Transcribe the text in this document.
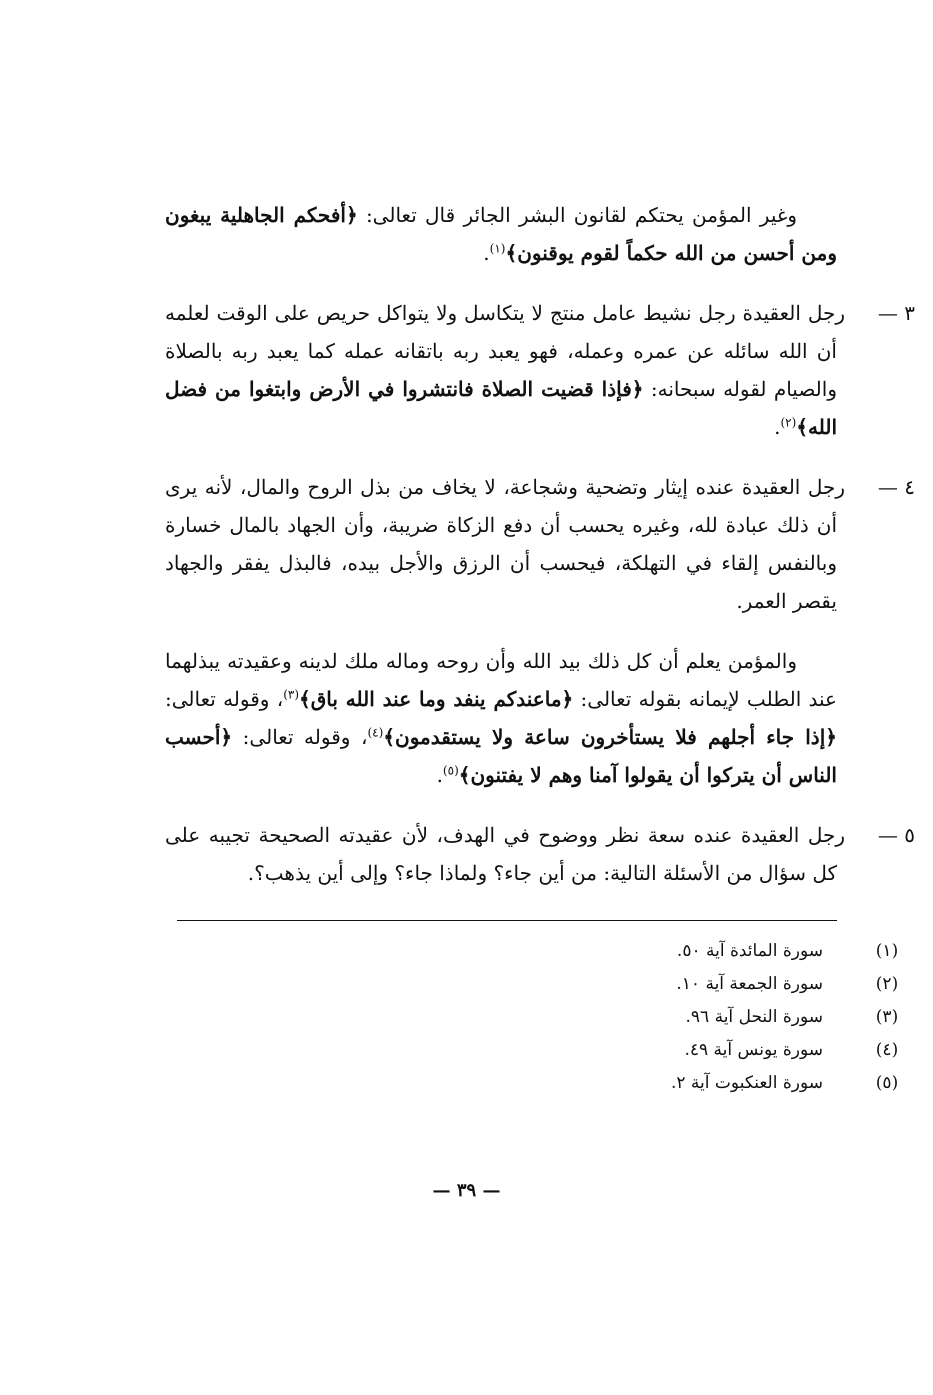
وغير المؤمن يحتكم لقانون البشر الجائر قال تعالى: ﴿أفحكم الجاهلية يبغون ومن أحسن من الله حكماً لقوم يوقنون﴾$^{(١)}$.

٣ —رجل العقيدة رجل نشيط عامل منتج لا يتكاسل ولا يتواكل حريص على الوقت لعلمه أن الله سائله عن عمره وعمله، فهو يعبد ربه باتقانه عمله كما يعبد ربه بالصلاة والصيام لقوله سبحانه: ﴿فإذا قضيت الصلاة فانتشروا في الأرض وابتغوا من فضل الله﴾$^{(٢)}$.

٤ —رجل العقيدة عنده إيثار وتضحية وشجاعة، لا يخاف من بذل الروح والمال، لأنه يرى أن ذلك عبادة لله، وغيره يحسب أن دفع الزكاة ضريبة، وأن الجهاد بالمال خسارة وبالنفس إلقاء في التهلكة، فيحسب أن الرزق والأجل بيده، فالبذل يفقر والجهاد يقصر العمر.

والمؤمن يعلم أن كل ذلك بيد الله وأن روحه وماله ملك لدينه وعقيدته يبذلهما عند الطلب لإيمانه بقوله تعالى: ﴿ماعندكم ينفد وما عند الله باق﴾$^{(٣)}$، وقوله تعالى: ﴿إذا جاء أجلهم فلا يستأخرون ساعة ولا يستقدمون﴾$^{(٤)}$، وقوله تعالى: ﴿أحسب الناس أن يتركوا أن يقولوا آمنا وهم لا يفتنون﴾$^{(٥)}$.

٥ —رجل العقيدة عنده سعة نظر ووضوح في الهدف، لأن عقيدته الصحيحة تجيبه على كل سؤال من الأسئلة التالية: من أين جاء؟ ولماذا جاء؟ وإلى أين يذهب؟.

(١)
سورة المائدة آية ٥٠.
(٢)
سورة الجمعة آية ١٠.
(٣)
سورة النحل آية ٩٦.
(٤)
سورة يونس آية ٤٩.
(٥)
سورة العنكبوت آية ٢.
— ٣٩ —
